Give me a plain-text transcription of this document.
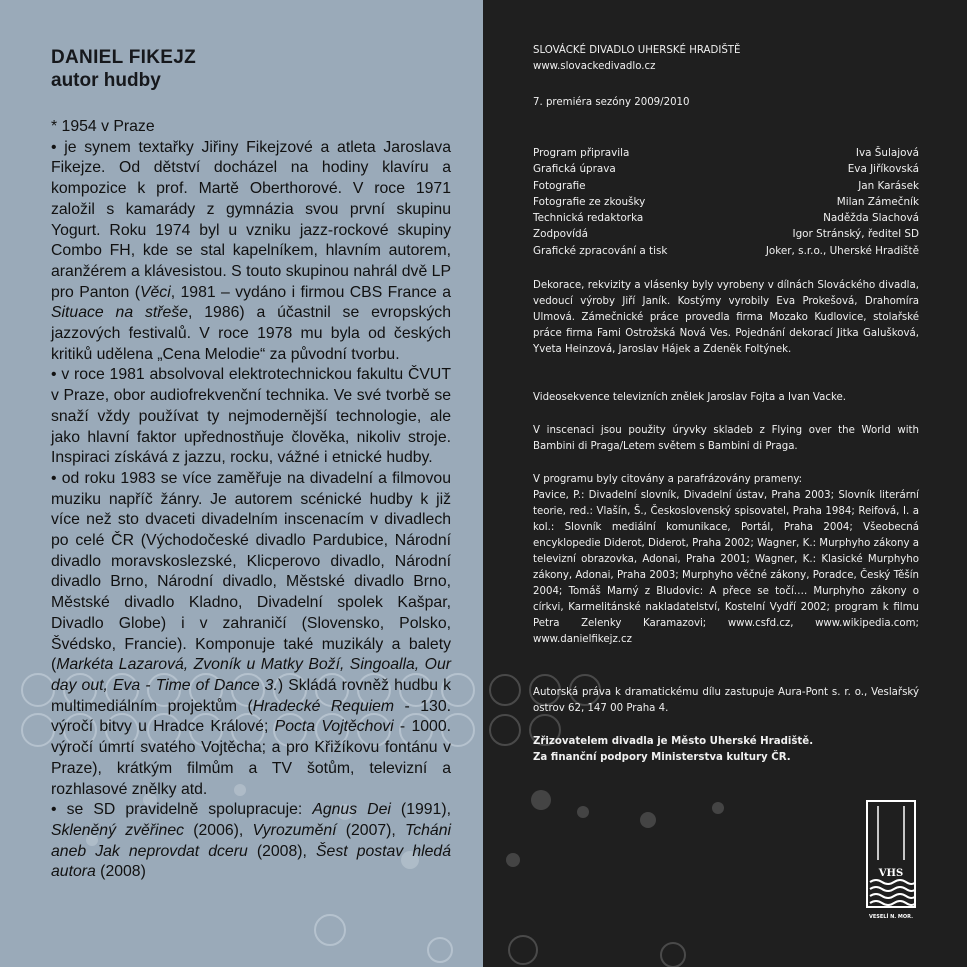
DANIEL FIKEJZ
autor hudby

* 1954 v Praze

• je synem textařky Jiřiny Fikejzové a atleta Jaroslava Fikejze. Od dětství docházel na hodiny klavíru a kompozice k prof. Martě Oberthorové. V roce 1971 založil s kamarády z gymnázia svou první skupinu Yogurt. Roku 1974 byl u vzniku jazz-rockové skupiny Combo FH, kde se stal kapelníkem, hlavním autorem, aranžérem a klávesistou. S touto skupinou nahrál dvě LP pro Panton (Věci, 1981 – vydáno i firmou CBS France a Situace na střeše, 1986) a účastnil se evropských jazzových festivalů. V roce 1978 mu byla od českých kritiků udělena „Cena Melodie“ za původní tvorbu.

• v roce 1981 absolvoval elektrotechnickou fakultu ČVUT v Praze, obor audiofrekvenční technika. Ve své tvorbě se snaží vždy používat ty nejmodernější technologie, ale jako hlavní faktor upřednostňuje člověka, nikoliv stroje. Inspiraci získává z jazzu, rocku, vážné i etnické hudby.

• od roku 1983 se více zaměřuje na divadelní a filmovou muziku napříč žánry. Je autorem scénické hudby k již více než sto dvaceti divadelním inscenacím v divadlech po celé ČR (Východočeské divadlo Pardubice, Národní divadlo moravskoslezské, Klicperovo divadlo, Národní divadlo Brno, Národní divadlo, Městské divadlo Brno, Městské divadlo Kladno, Divadelní spolek Kašpar, Divadlo Globe) i v zahraničí (Slovensko, Polsko, Švédsko, Francie). Komponuje také muzikály a balety (Markéta Lazarová, Zvoník u Matky Boží, Singoalla, Our day out, Eva - Time of Dance 3.) Skládá rovněž hudbu k multimediálním projektům (Hradecké Requiem - 130. výročí bitvy u Hradce Králové; Pocta Vojtěchovi - 1000. výročí úmrtí svatého Vojtěcha; a pro Křižíkovu fontánu v Praze), krátkým filmům a TV šotům, televizní a rozhlasové znělky atd.

• se SD pravidelně spolupracuje: Agnus Dei (1991), Skleněný zvěřinec (2006), Vyrozumění (2007), Tcháni aneb Jak neprovdat dceru (2008), Šest postav hledá autora (2008)

SLOVÁCKÉ DIVADLO UHERSKÉ HRADIŠTĚ

www.slovackedivadlo.cz

7. premiéra sezóny 2009/2010
Program připravila	Iva Šulajová
Grafická úprava	Eva Jiříkovská
Fotografie	Jan Karásek
Fotografie ze zkoušky	Milan Zámečník
Technická redaktorka	Naděžda Slachová
Zodpovídá	Igor Stránský, ředitel SD
Grafické zpracování a tisk	Joker, s.r.o., Uherské Hradiště
Dekorace, rekvizity a vlásenky byly vyrobeny v dílnách Slováckého divadla, vedoucí výroby Jiří Janík. Kostýmy vyrobily Eva Prokešová, Drahomíra Ulmová. Zámečnické práce provedla firma Mozako Kudlovice, stolařské práce firma Fami Ostrožská Nová Ves. Pojednání dekorací Jitka Galušková, Yveta Heinzová, Jaroslav Hájek a Zdeněk Foltýnek.
Videosekvence televizních znělek Jaroslav Fojta a Ivan Vacke.
V inscenaci jsou použity úryvky skladeb z Flying over the World with Bambini di Praga/Letem světem s Bambini di Praga.

V programu byly citovány a parafrázovány prameny:

Pavice, P.: Divadelní slovník, Divadelní ústav, Praha 2003; Slovník literární teorie, red.: Vlašín, Š., Československý spisovatel, Praha 1984; Reifová, I. a kol.: Slovník mediální komunikace, Portál, Praha 2004; Všeobecná encyklopedie Diderot, Diderot, Praha 2002; Wagner, K.: Murphyho zákony a televizní obrazovka, Adonai, Praha 2001; Wagner, K.: Klasické Murphyho zákony, Adonai, Praha 2003; Murphyho věčné zákony, Poradce, Český Těšín 2004; Tomáš Marný z Bludovic: A přece se točí…. Murphyho zákony o církvi, Karmelitánské nakladatelství, Kostelní Vydří 2002; program k filmu Petra Zelenky Karamazovi; www.csfd.cz, www.wikipedia.com; www.danielfikejz.cz

Autorská práva k dramatickému dílu zastupuje Aura-Pont s. r. o., Veslařský ostrov 62, 147 00 Praha 4.

Zřizovatelem divadla je Město Uherské Hradiště.

Za finanční podpory Ministerstva kultury ČR.

VHS
VESELÍ N. MOR.
